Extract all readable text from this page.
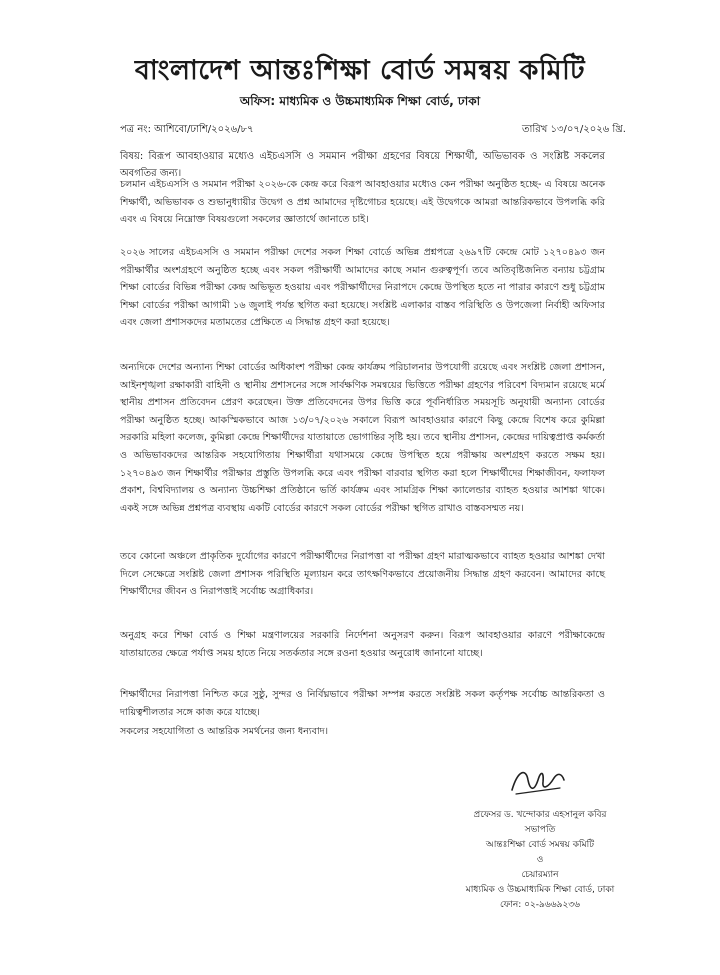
বাংলাদেশ আন্তঃশিক্ষা বোর্ড সমন্বয় কমিটি
অফিস: মাধ্যমিক ও উচ্চমাধ্যমিক শিক্ষা বোর্ড, ঢাকা
পত্র নং: আশিবো/ঢাশি/২০২৬/৮৭	তারিখ ১৩/০৭/২০২৬ খ্রি.
বিষয়: বিরূপ আবহাওয়ার মধ্যেও এইচএসসি ও সমমান পরীক্ষা গ্রহণের বিষয়ে শিক্ষার্থী, অভিভাবক ও সংশ্লিষ্ট সকলের অবগতির জন্য।

চলমান এইচএসসি ও সমমান পরীক্ষা ২০২৬-কে কেন্দ্র করে বিরূপ আবহাওয়ার মধ্যেও কেন পরীক্ষা অনুষ্ঠিত হচ্ছে- এ বিষয়ে অনেক শিক্ষার্থী, অভিভাবক ও শুভানুধ্যায়ীর উদ্বেগ ও প্রশ্ন আমাদের দৃষ্টিগোচর হয়েছে। এই উদ্বেগকে আমরা আন্তরিকভাবে উপলব্ধি করি এবং এ বিষয়ে নিম্নোক্ত বিষয়গুলো সকলের জ্ঞাতার্থে জানাতে চাই।

২০২৬ সালের এইচএসসি ও সমমান পরীক্ষা দেশের সকল শিক্ষা বোর্ডে অভিন্ন প্রশ্নপত্রে ২৬৯৭টি কেন্দ্রে মোট ১২৭০৪৯৩ জন পরীক্ষার্থীর অংশগ্রহণে অনুষ্ঠিত হচ্ছে এবং সকল পরীক্ষার্থী আমাদের কাছে সমান গুরুত্বপূর্ণ। তবে অতিবৃষ্টিজনিত বন্যায় চট্টগ্রাম শিক্ষা বোর্ডের বিভিন্ন পরীক্ষা কেন্দ্র অভিভূত হওয়ায় এবং পরীক্ষার্থীদের নিরাপদে কেন্দ্রে উপস্থিত হতে না পারার কারণে শুধু চট্টগ্রাম শিক্ষা বোর্ডের পরীক্ষা আগামী ১৬ জুলাই পর্যন্ত স্থগিত করা হয়েছে। সংশ্লিষ্ট এলাকার বাস্তব পরিস্থিতি ও উপজেলা নির্বাহী অফিসার এবং জেলা প্রশাসকদের মতামতের প্রেক্ষিতে এ সিদ্ধান্ত গ্রহণ করা হয়েছে।

অন্যদিকে দেশের অন্যান্য শিক্ষা বোর্ডের অধিকাংশ পরীক্ষা কেন্দ্র কার্যক্রম পরিচালনার উপযোগী রয়েছে এবং সংশ্লিষ্ট জেলা প্রশাসন, আইনশৃঙ্খলা রক্ষাকারী বাহিনী ও স্থানীয় প্রশাসনের সঙ্গে সার্বক্ষণিক সমন্বয়ের ভিত্তিতে পরীক্ষা গ্রহণের পরিবেশ বিদ্যমান রয়েছে মর্মে স্থানীয় প্রশাসন প্রতিবেদন প্রেরণ করেছেন। উক্ত প্রতিবেদনের উপর ভিত্তি করে পূর্বনির্ধারিত সময়সূচি অনুযায়ী অন্যান্য বোর্ডের পরীক্ষা অনুষ্ঠিত হচ্ছে। আকস্মিকভাবে আজ ১৩/০৭/২০২৬ সকালে বিরূপ আবহাওয়ার কারণে কিছু কেন্দ্রে বিশেষ করে কুমিল্লা সরকারি মহিলা কলেজ, কুমিল্লা কেন্দ্রে শিক্ষার্থীদের যাতায়াতে ভোগান্তির সৃষ্টি হয়। তবে স্থানীয় প্রশাসন, কেন্দ্রের দায়িত্বপ্রাপ্ত কর্মকর্তা ও অভিভাবকদের আন্তরিক সহযোগিতায় শিক্ষার্থীরা যথাসময়ে কেন্দ্রে উপস্থিত হয়ে পরীক্ষায় অংশগ্রহণ করতে সক্ষম হয়। ১২৭০৪৯৩ জন শিক্ষার্থীর পরীক্ষার প্রস্তুতি উপলব্ধি করে এবং পরীক্ষা বারবার স্থগিত করা হলে শিক্ষার্থীদের শিক্ষাজীবন, ফলাফল প্রকাশ, বিশ্ববিদ্যালয় ও অন্যান্য উচ্চশিক্ষা প্রতিষ্ঠানে ভর্তি কার্যক্রম এবং সামগ্রিক শিক্ষা ক্যালেন্ডার ব্যাহত হওয়ার আশঙ্কা থাকে। একই সঙ্গে অভিন্ন প্রশ্নপত্র ব্যবস্থায় একটি বোর্ডের কারণে সকল বোর্ডের পরীক্ষা স্থগিত রাখাও বাস্তবসম্মত নয়।

তবে কোনো অঞ্চলে প্রাকৃতিক দুর্যোগের কারণে পরীক্ষার্থীদের নিরাপত্তা বা পরীক্ষা গ্রহণ মারাত্মকভাবে ব্যাহত হওয়ার আশঙ্কা দেখা দিলে সেক্ষেত্রে সংশ্লিষ্ট জেলা প্রশাসক পরিস্থিতি মূল্যায়ন করে তাৎক্ষণিকভাবে প্রয়োজনীয় সিদ্ধান্ত গ্রহণ করবেন। আমাদের কাছে শিক্ষার্থীদের জীবন ও নিরাপত্তাই সর্বোচ্চ অগ্রাধিকার।

অনুগ্রহ করে শিক্ষা বোর্ড ও শিক্ষা মন্ত্রণালয়ের সরকারি নির্দেশনা অনুসরণ করুন। বিরূপ আবহাওয়ার কারণে পরীক্ষাকেন্দ্রে যাতায়াতের ক্ষেত্রে পর্যাপ্ত সময় হাতে নিয়ে সতর্কতার সঙ্গে রওনা হওয়ার অনুরোধ জানানো যাচ্ছে।

শিক্ষার্থীদের নিরাপত্তা নিশ্চিত করে সুষ্ঠু, সুন্দর ও নির্বিঘ্নভাবে পরীক্ষা সম্পন্ন করতে সংশ্লিষ্ট সকল কর্তৃপক্ষ সর্বোচ্চ আন্তরিকতা ও দায়িত্বশীলতার সঙ্গে কাজ করে যাচ্ছে।

সকলের সহযোগিতা ও আন্তরিক সমর্থনের জন্য ধন্যবাদ।
প্রফেসর ড. খন্দোকার এহসানুল কবির
সভাপতি
আন্তঃশিক্ষা বোর্ড সমন্বয় কমিটি
ও
চেয়ারম্যান
মাধ্যমিক ও উচ্চমাধ্যমিক শিক্ষা বোর্ড, ঢাকা
ফোন: ০২-৯৬৬৯২৩৬
